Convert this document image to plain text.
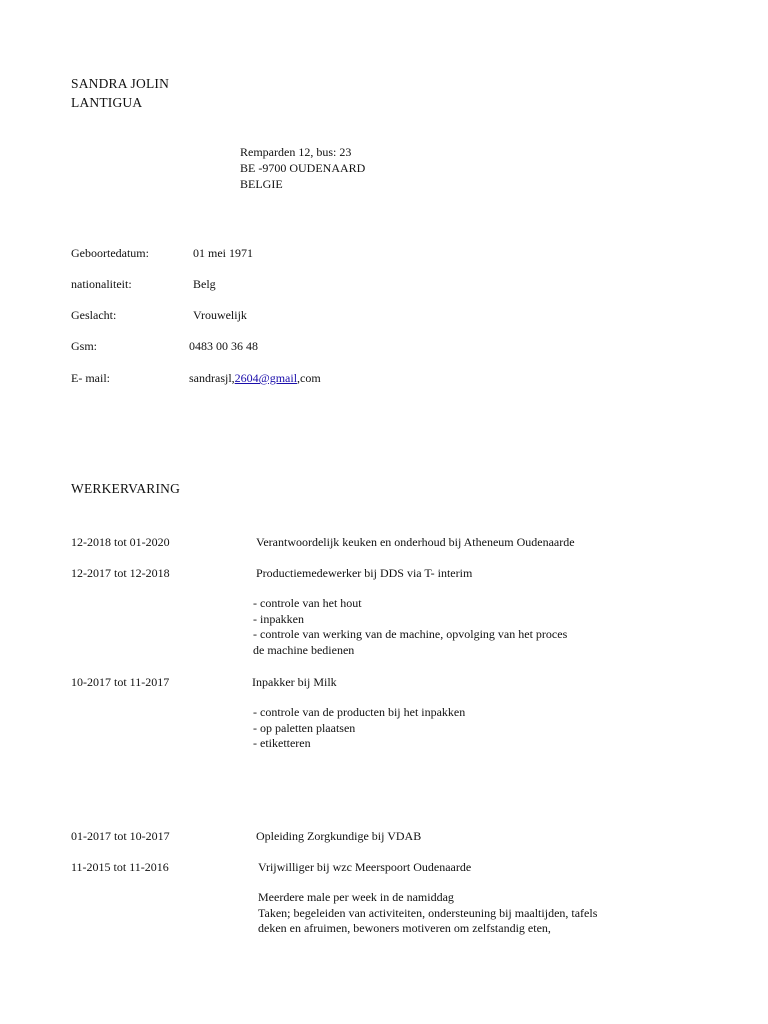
SANDRA JOLIN
LANTIGUA
Remparden 12, bus: 23
BE -9700 OUDENAARD
BELGIE
Geboortedatum:	01 mei 1971
nationaliteit:	Belg
Geslacht:	Vrouwelijk
Gsm:	0483 00 36 48
E- mail:	sandrasjl,2604@gmail,com
WERKERVARING
12-2018 tot 01-2020	Verantwoordelijk keuken en onderhoud bij Atheneum Oudenaarde
12-2017 tot 12-2018	Productiemedewerker bij DDS via T- interim
- controle van het hout
- inpakken
- controle van werking van de machine, opvolging van het proces
de machine bedienen
10-2017 tot 11-2017	Inpakker bij Milk
- controle van de producten bij het inpakken
- op paletten plaatsen
- etiketteren
01-2017 tot 10-2017	Opleiding Zorgkundige bij VDAB
11-2015 tot 11-2016	Vrijwilliger bij wzc Meerspoort Oudenaarde
Meerdere male per week in de namiddag
Taken; begeleiden van activiteiten, ondersteuning bij maaltijden, tafels
deken en afruimen, bewoners motiveren om zelfstandig eten,
